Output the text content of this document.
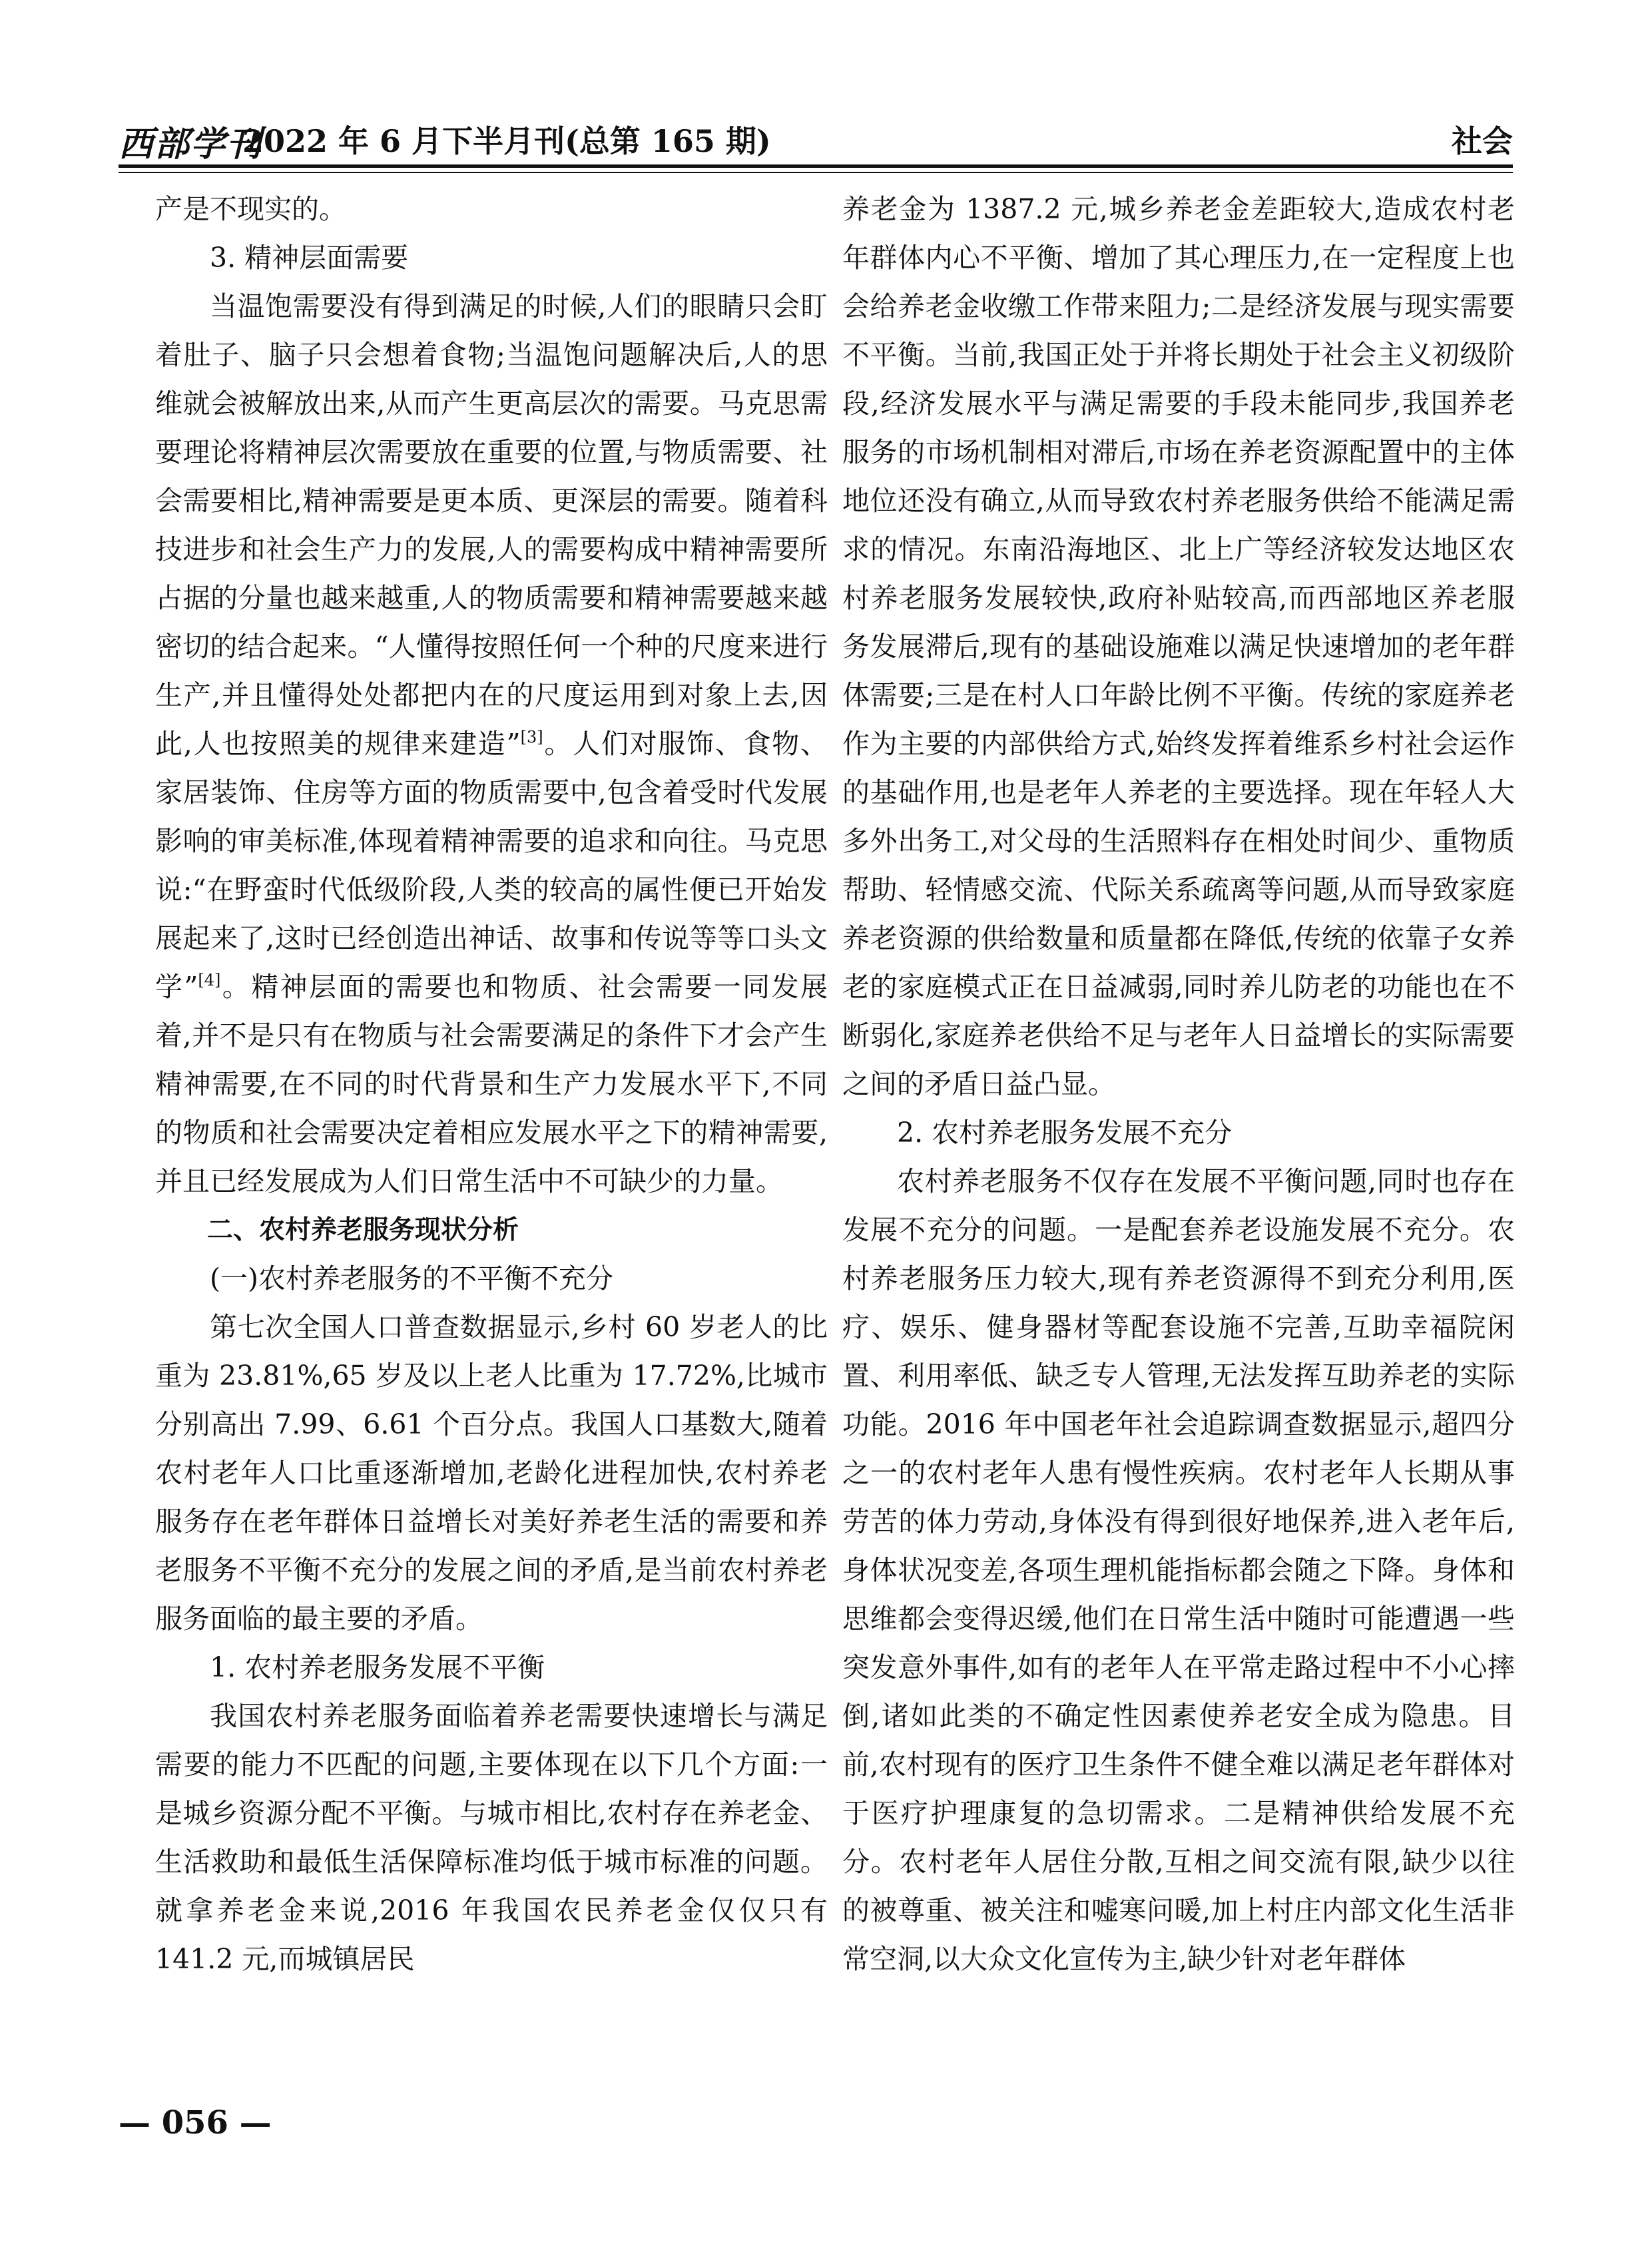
西部学刊
2022 年 6 月下半月刊(总第 165 期)	社会

产是不现实的。

3. 精神层面需要

当温饱需要没有得到满足的时候,人们的眼睛只会盯着肚子、脑子只会想着食物;当温饱问题解决后,人的思维就会被解放出来,从而产生更高层次的需要。马克思需要理论将精神层次需要放在重要的位置,与物质需要、社会需要相比,精神需要是更本质、更深层的需要。随着科技进步和社会生产力的发展,人的需要构成中精神需要所占据的分量也越来越重,人的物质需要和精神需要越来越密切的结合起来。“人懂得按照任何一个种的尺度来进行生产,并且懂得处处都把内在的尺度运用到对象上去,因此,人也按照美的规律来建造”[3]。人们对服饰、食物、家居装饰、住房等方面的物质需要中,包含着受时代发展影响的审美标准,体现着精神需要的追求和向往。马克思说:“在野蛮时代低级阶段,人类的较高的属性便已开始发展起来了,这时已经创造出神话、故事和传说等等口头文学”[4]。精神层面的需要也和物质、社会需要一同发展着,并不是只有在物质与社会需要满足的条件下才会产生精神需要,在不同的时代背景和生产力发展水平下,不同的物质和社会需要决定着相应发展水平之下的精神需要,并且已经发展成为人们日常生活中不可缺少的力量。

二、农村养老服务现状分析

(一)农村养老服务的不平衡不充分

第七次全国人口普查数据显示,乡村 60 岁老人的比重为 23.81%,65 岁及以上老人比重为 17.72%,比城市分别高出 7.99、6.61 个百分点。我国人口基数大,随着农村老年人口比重逐渐增加,老龄化进程加快,农村养老服务存在老年群体日益增长对美好养老生活的需要和养老服务不平衡不充分的发展之间的矛盾,是当前农村养老服务面临的最主要的矛盾。

1. 农村养老服务发展不平衡

我国农村养老服务面临着养老需要快速增长与满足需要的能力不匹配的问题,主要体现在以下几个方面:一是城乡资源分配不平衡。与城市相比,农村存在养老金、生活救助和最低生活保障标准均低于城市标准的问题。就拿养老金来说,2016 年我国农民养老金仅仅只有 141.2 元,而城镇居民

养老金为 1387.2 元,城乡养老金差距较大,造成农村老年群体内心不平衡、增加了其心理压力,在一定程度上也会给养老金收缴工作带来阻力;二是经济发展与现实需要不平衡。当前,我国正处于并将长期处于社会主义初级阶段,经济发展水平与满足需要的手段未能同步,我国养老服务的市场机制相对滞后,市场在养老资源配置中的主体地位还没有确立,从而导致农村养老服务供给不能满足需求的情况。东南沿海地区、北上广等经济较发达地区农村养老服务发展较快,政府补贴较高,而西部地区养老服务发展滞后,现有的基础设施难以满足快速增加的老年群体需要;三是在村人口年龄比例不平衡。传统的家庭养老作为主要的内部供给方式,始终发挥着维系乡村社会运作的基础作用,也是老年人养老的主要选择。现在年轻人大多外出务工,对父母的生活照料存在相处时间少、重物质帮助、轻情感交流、代际关系疏离等问题,从而导致家庭养老资源的供给数量和质量都在降低,传统的依靠子女养老的家庭模式正在日益减弱,同时养儿防老的功能也在不断弱化,家庭养老供给不足与老年人日益增长的实际需要之间的矛盾日益凸显。

2. 农村养老服务发展不充分

农村养老服务不仅存在发展不平衡问题,同时也存在发展不充分的问题。一是配套养老设施发展不充分。农村养老服务压力较大,现有养老资源得不到充分利用,医疗、娱乐、健身器材等配套设施不完善,互助幸福院闲置、利用率低、缺乏专人管理,无法发挥互助养老的实际功能。2016 年中国老年社会追踪调查数据显示,超四分之一的农村老年人患有慢性疾病。农村老年人长期从事劳苦的体力劳动,身体没有得到很好地保养,进入老年后,身体状况变差,各项生理机能指标都会随之下降。身体和思维都会变得迟缓,他们在日常生活中随时可能遭遇一些突发意外事件,如有的老年人在平常走路过程中不小心摔倒,诸如此类的不确定性因素使养老安全成为隐患。目前,农村现有的医疗卫生条件不健全难以满足老年群体对于医疗护理康复的急切需求。二是精神供给发展不充分。农村老年人居住分散,互相之间交流有限,缺少以往的被尊重、被关注和嘘寒问暖,加上村庄内部文化生活非常空洞,以大众文化宣传为主,缺少针对老年群体

— 056 —
